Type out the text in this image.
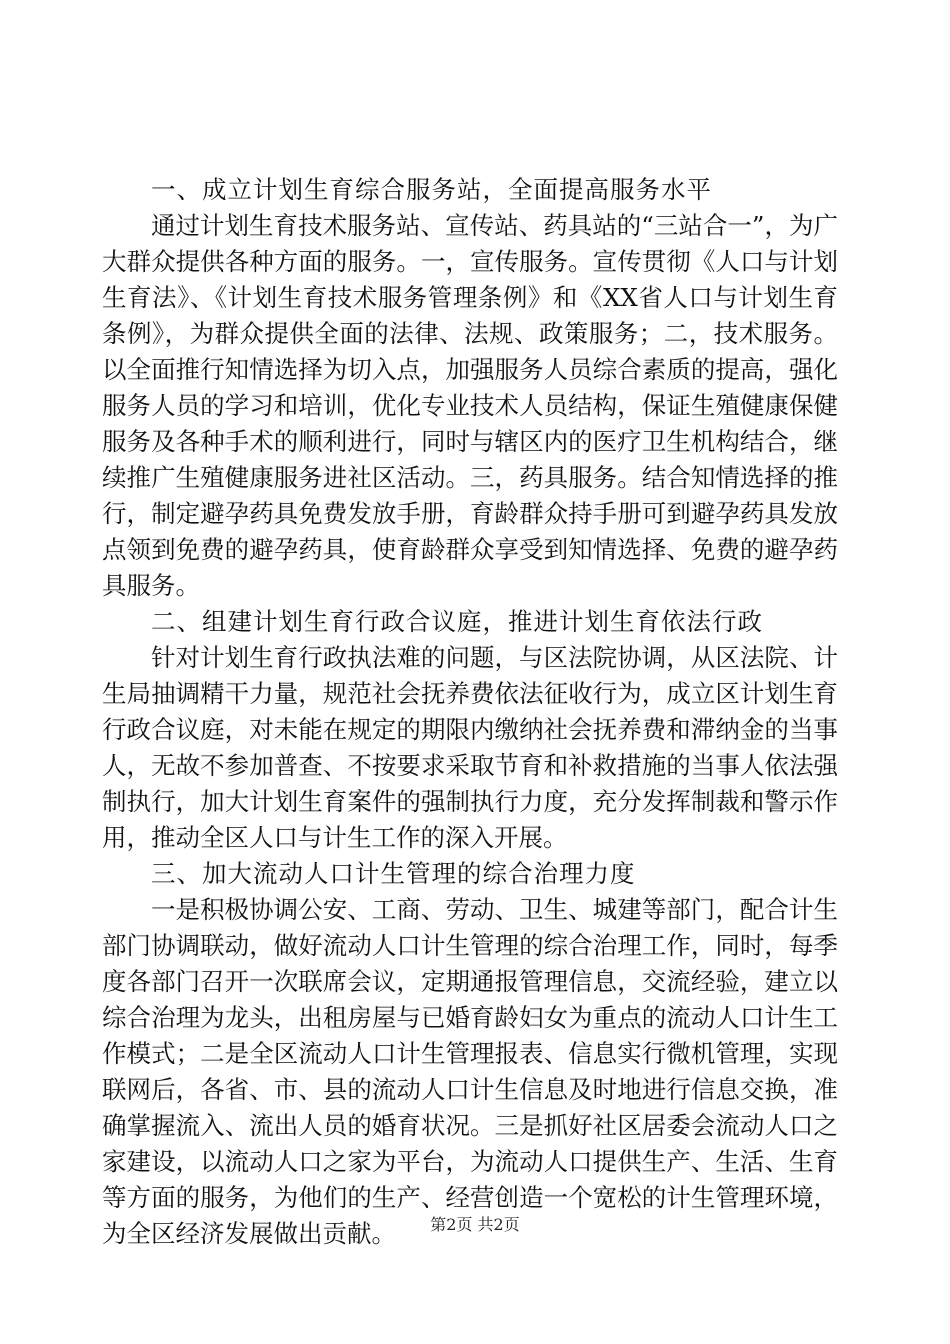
一、成立计划生育综合服务站，全面提高服务水平

通过计划生育技术服务站、宣传站、药具站的“三站合一”，为广大群众提供各种方面的服务。一，宣传服务。宣传贯彻《人口与计划生育法》、《计划生育技术服务管理条例》和《XX省人口与计划生育条例》，为群众提供全面的法律、法规、政策服务；二，技术服务。以全面推行知情选择为切入点，加强服务人员综合素质的提高，强化服务人员的学习和培训，优化专业技术人员结构，保证生殖健康保健服务及各种手术的顺利进行，同时与辖区内的医疗卫生机构结合，继续推广生殖健康服务进社区活动。三，药具服务。结合知情选择的推行，制定避孕药具免费发放手册，育龄群众持手册可到避孕药具发放点领到免费的避孕药具，使育龄群众享受到知情选择、免费的避孕药具服务。

二、组建计划生育行政合议庭，推进计划生育依法行政

针对计划生育行政执法难的问题，与区法院协调，从区法院、计生局抽调精干力量，规范社会抚养费依法征收行为，成立区计划生育行政合议庭，对未能在规定的期限内缴纳社会抚养费和滞纳金的当事人，无故不参加普查、不按要求采取节育和补救措施的当事人依法强制执行，加大计划生育案件的强制执行力度，充分发挥制裁和警示作用，推动全区人口与计生工作的深入开展。

三、加大流动人口计生管理的综合治理力度

一是积极协调公安、工商、劳动、卫生、城建等部门，配合计生部门协调联动，做好流动人口计生管理的综合治理工作，同时，每季度各部门召开一次联席会议，定期通报管理信息，交流经验，建立以综合治理为龙头，出租房屋与已婚育龄妇女为重点的流动人口计生工作模式；二是全区流动人口计生管理报表、信息实行微机管理，实现联网后，各省、市、县的流动人口计生信息及时地进行信息交换，准确掌握流入、流出人员的婚育状况。三是抓好社区居委会流动人口之家建设，以流动人口之家为平台，为流动人口提供生产、生活、生育等方面的服务，为他们的生产、经营创造一个宽松的计生管理环境，为全区经济发展做出贡献。	第2页 共2页
